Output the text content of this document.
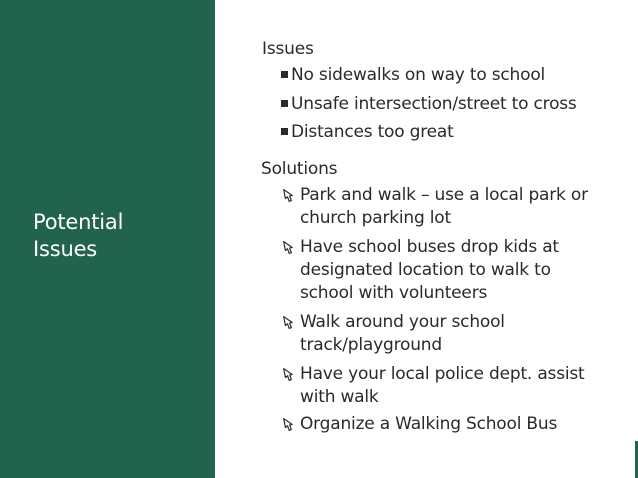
Potential Issues
Issues
No sidewalks on way to school
Unsafe intersection/street to cross
Distances too great
Solutions
Park and walk – use a local park or church parking lot
Have school buses drop kids at designated location to walk to school with volunteers
Walk around your school track/playground
Have your local police dept. assist with walk
Organize a Walking School Bus
